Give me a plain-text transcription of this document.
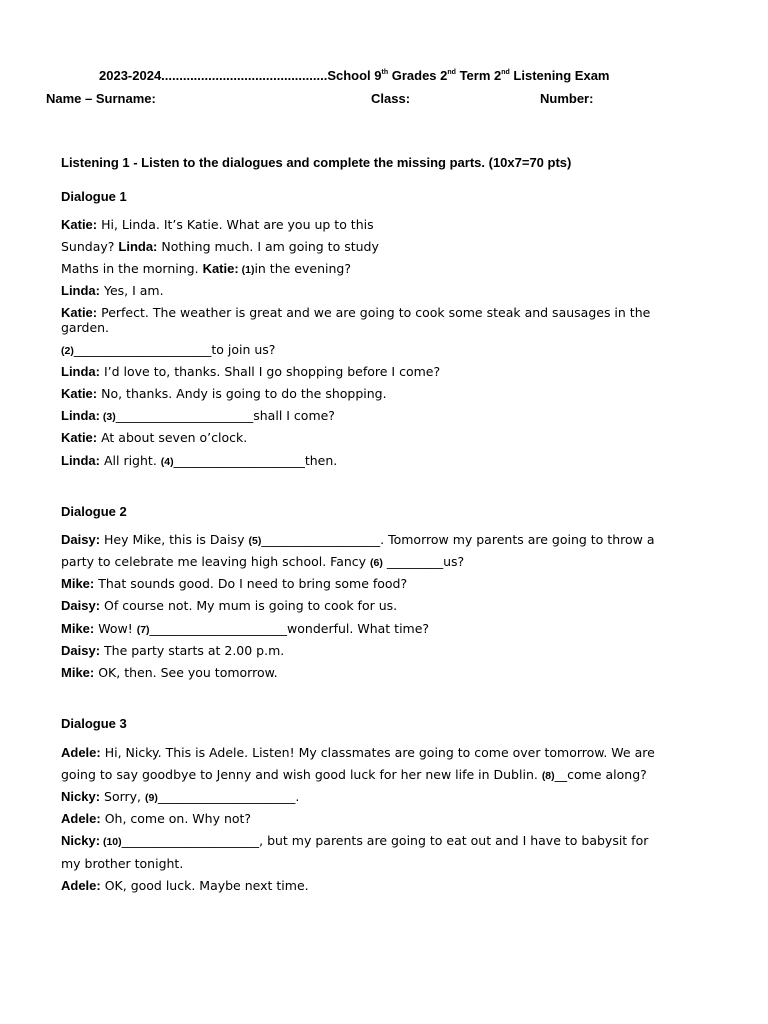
2023-2024..............................................School 9th Grades 2nd Term 2nd Listening Exam
Name – Surname:	Class:	Number:
Listening 1 - Listen to the dialogues and complete the missing parts. (10x7=70 pts)
Dialogue 1
Katie: Hi, Linda. It’s Katie. What are you up to this
Sunday? Linda: Nothing much. I am going to study
Maths in the morning. Katie: (1)in the evening?
Linda: Yes, I am.
Katie: Perfect. The weather is great and we are going to cook some steak and sausages in the garden.
(2)______________________to join us?
Linda: I’d love to, thanks. Shall I go shopping before I come?
Katie: No, thanks. Andy is going to do the shopping.
Linda: (3)______________________shall I come?
Katie: At about seven o’clock.
Linda: All right. (4)_____________________then.
Dialogue 2
Daisy: Hey Mike, this is Daisy (5)___________________. Tomorrow my parents are going to throw a
party to celebrate me leaving high school. Fancy (6) _________us?
Mike: That sounds good. Do I need to bring some food?
Daisy: Of course not. My mum is going to cook for us.
Mike: Wow! (7)______________________wonderful. What time?
Daisy: The party starts at 2.00 p.m.
Mike: OK, then. See you tomorrow.
Dialogue 3
Adele: Hi, Nicky. This is Adele. Listen! My classmates are going to come over tomorrow. We are
going to say goodbye to Jenny and wish good luck for her new life in Dublin. (8)__come along?
Nicky: Sorry, (9)______________________.
Adele: Oh, come on. Why not?
Nicky: (10)______________________, but my parents are going to eat out and I have to babysit for
my brother tonight.
Adele: OK, good luck. Maybe next time.
